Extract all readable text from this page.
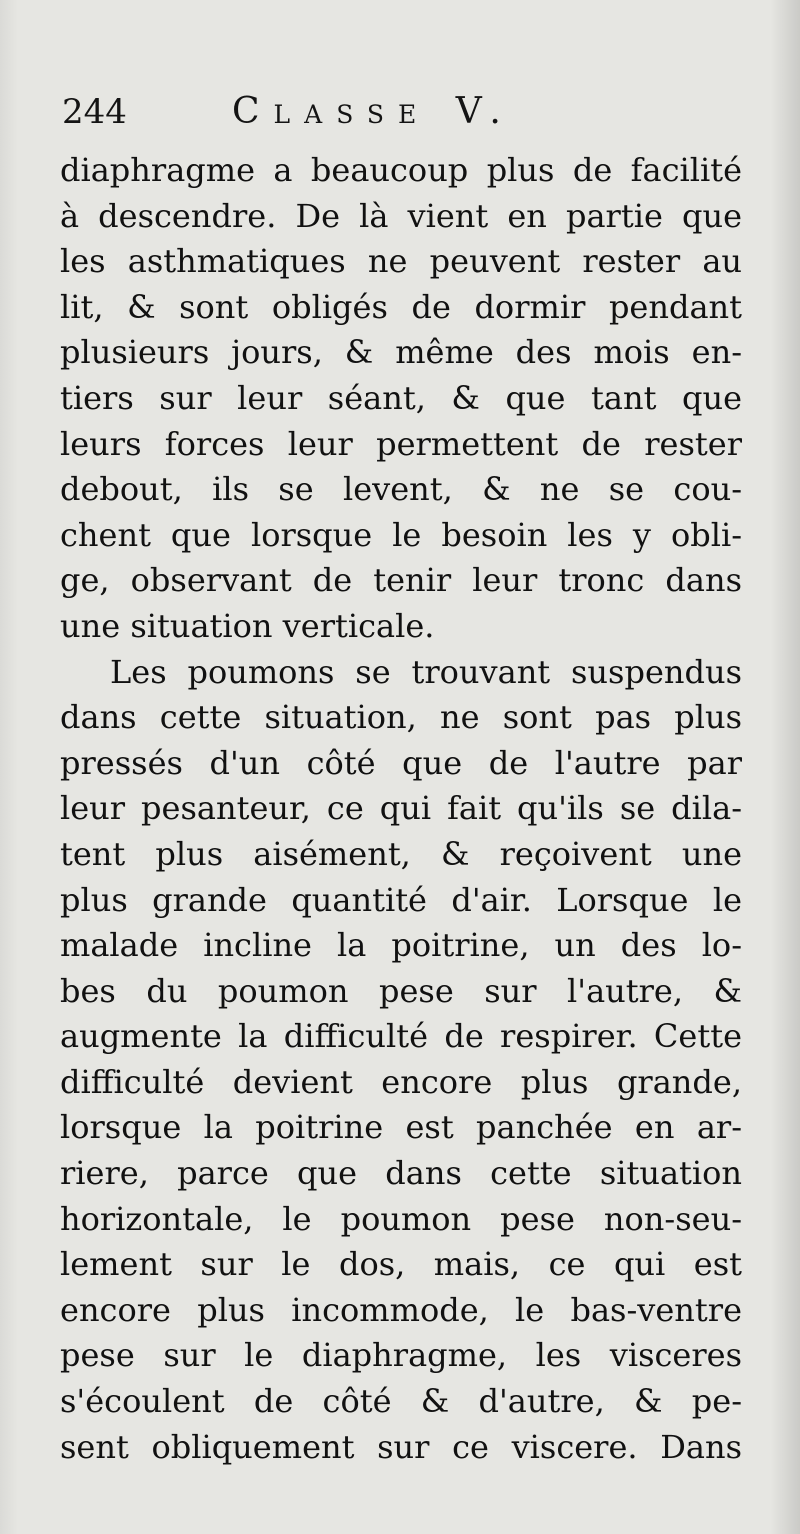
244	Classe V.
diaphragme a beaucoup plus de facilité
à descendre. De là vient en partie que
les asthmatiques ne peuvent rester au
lit, & sont obligés de dormir pendant
plusieurs jours, & même des mois en-
tiers sur leur séant, & que tant que
leurs forces leur permettent de rester
debout, ils se levent, & ne se cou-
chent que lorsque le besoin les y obli-
ge, observant de tenir leur tronc dans
une situation verticale.
Les poumons se trouvant suspendus
dans cette situation, ne sont pas plus
pressés d'un côté que de l'autre par
leur pesanteur, ce qui fait qu'ils se dila-
tent plus aisément, & reçoivent une
plus grande quantité d'air. Lorsque le
malade incline la poitrine, un des lo-
bes du poumon pese sur l'autre, &
augmente la difficulté de respirer. Cette
difficulté devient encore plus grande,
lorsque la poitrine est panchée en ar-
riere, parce que dans cette situation
horizontale, le poumon pese non-seu-
lement sur le dos, mais, ce qui est
encore plus incommode, le bas-ventre
pese sur le diaphragme, les visceres
s'écoulent de côté & d'autre, & pe-
sent obliquement sur ce viscere. Dans
